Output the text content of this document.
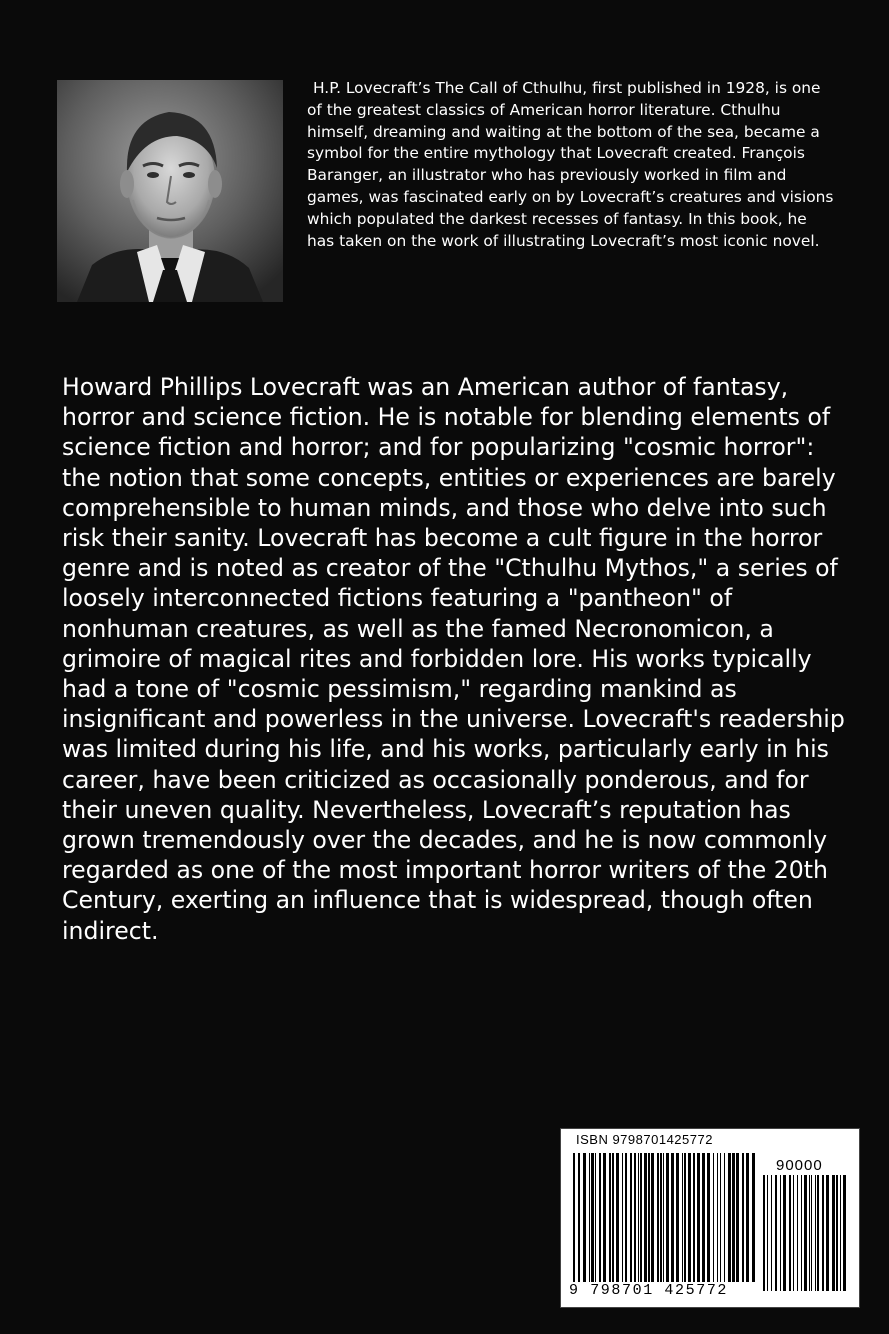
H.P. Lovecraft’s The Call of Cthulhu, first published in 1928, is one of the greatest classics of American horror literature. Cthulhu himself, dreaming and waiting at the bottom of the sea, became a symbol for the entire mythology that Lovecraft created. François Baranger, an illustrator who has previously worked in film and games, was fascinated early on by Lovecraft’s creatures and visions which populated the darkest recesses of fantasy. In this book, he has taken on the work of illustrating Lovecraft’s most iconic novel.

Howard Phillips Lovecraft was an American author of fantasy, horror and science fiction. He is notable for blending elements of science fiction and horror; and for popularizing "cosmic horror": the notion that some concepts, entities or experiences are barely comprehensible to human minds, and those who delve into such risk their sanity. Lovecraft has become a cult figure in the horror genre and is noted as creator of the "Cthulhu Mythos," a series of loosely interconnected fictions featuring a "pantheon" of nonhuman creatures, as well as the famed Necronomicon, a grimoire of magical rites and forbidden lore. His works typically had a tone of "cosmic pessimism," regarding mankind as insignificant and powerless in the universe. Lovecraft's readership was limited during his life, and his works, particularly early in his career, have been criticized as occasionally ponderous, and for their uneven quality. Nevertheless, Lovecraft’s reputation has grown tremendously over the decades, and he is now commonly regarded as one of the most important horror writers of the 20th Century, exerting an influence that is widespread, though often indirect.

ISBN 9798701425772
90000
9 798701 425772
